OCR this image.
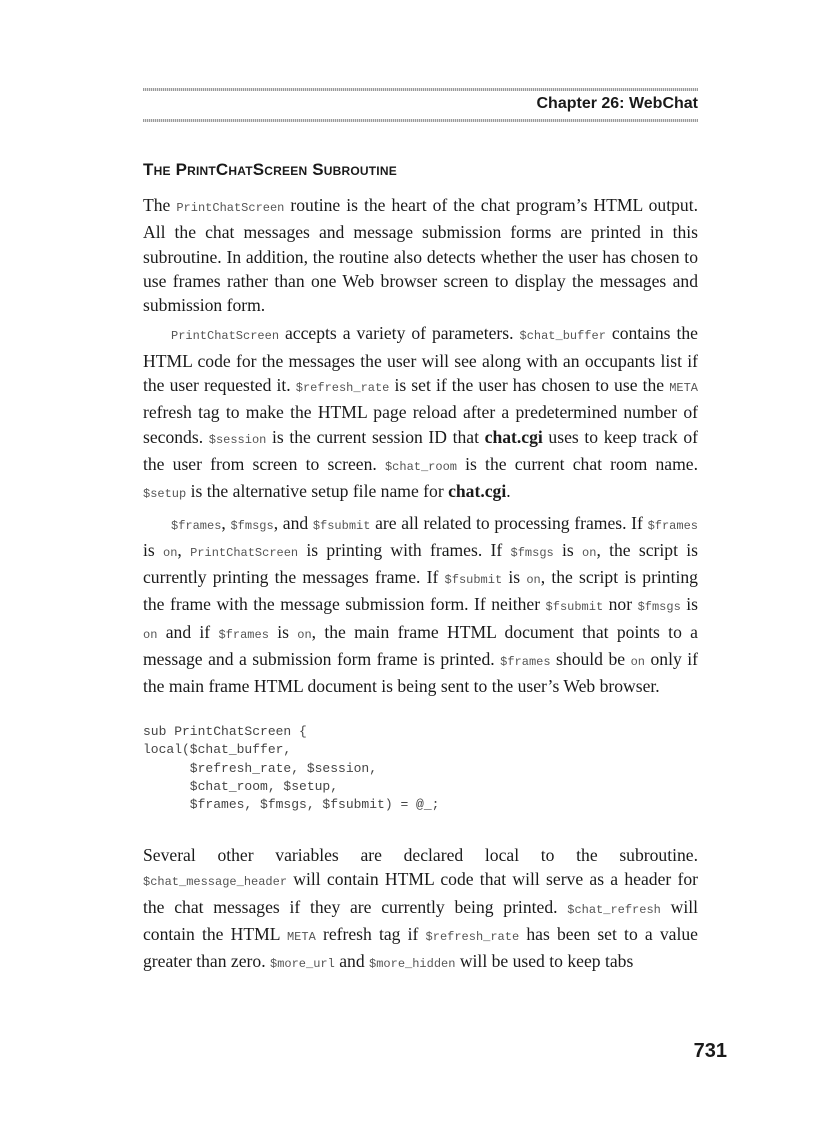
Chapter 26: WebChat
The PrintChatScreen Subroutine

The PrintChatScreen routine is the heart of the chat program’s HTML output. All the chat messages and message submission forms are printed in this subroutine. In addition, the routine also detects whether the user has chosen to use frames rather than one Web browser screen to display the messages and submission form.

PrintChatScreen accepts a variety of parameters. $chat_buffer contains the HTML code for the messages the user will see along with an occupants list if the user requested it. $refresh_rate is set if the user has chosen to use the META refresh tag to make the HTML page reload after a predetermined number of seconds. $session is the current session ID that chat.cgi uses to keep track of the user from screen to screen. $chat_room is the current chat room name. $setup is the alternative setup file name for chat.cgi.

$frames, $fmsgs, and $fsubmit are all related to processing frames. If $frames is on, PrintChatScreen is printing with frames. If $fmsgs is on, the script is currently printing the messages frame. If $fsubmit is on, the script is printing the frame with the message submission form. If neither $fsubmit nor $fmsgs is on and if $frames is on, the main frame HTML document that points to a message and a submission form frame is printed. $frames should be on only if the main frame HTML document is being sent to the user’s Web browser.

sub PrintChatScreen {
local($chat_buffer,
$refresh_rate, $session,
$chat_room, $setup,
$frames, $fmsgs, $fsubmit) = @_;

Several other variables are declared local to the subroutine. $chat_message_header will contain HTML code that will serve as a header for the chat messages if they are currently being printed. $chat_refresh will contain the HTML META refresh tag if $refresh_rate has been set to a value greater than zero. $more_url and $more_hidden will be used to keep tabs

731
